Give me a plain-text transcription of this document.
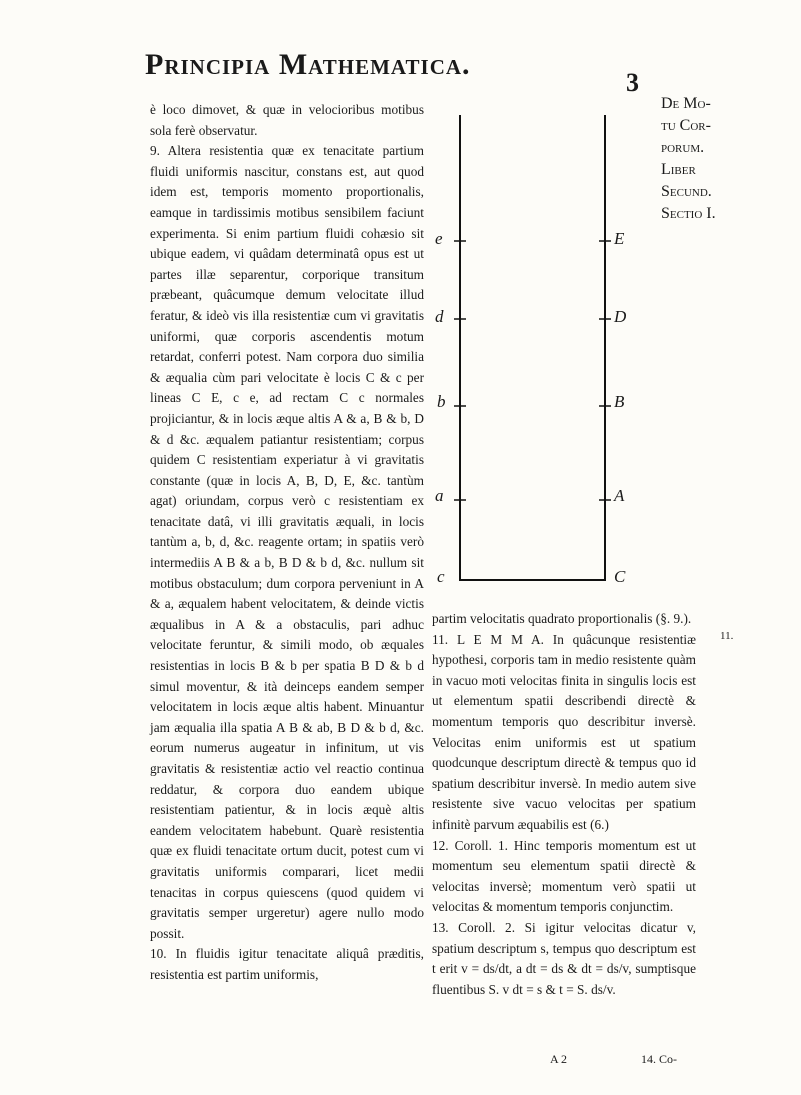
Principia Mathematica.
3
De Mo-
tu Cor-
porum.
Liber
Secund.
Sectio I.
e
d
b
a
c
E
D
B
A
C

è loco dimovet, & quæ in velocioribus motibus sola ferè observatur.

9. Altera resistentia quæ ex tenacitate partium fluidi uniformis nascitur, constans est, aut quod idem est, temporis momento proportionalis, eamque in tardissimis motibus sensibilem faciunt experimenta. Si enim partium fluidi cohæsio sit ubique eadem, vi quâdam determinatâ opus est ut partes illæ separentur, corporique transitum præbeant, quâcumque demum velocitate illud feratur, & ideò vis illa resistentiæ cum vi gravitatis uniformi, quæ corporis ascendentis motum retardat, conferri potest. Nam corpora duo similia & æqualia cùm pari velocitate è locis C & c per lineas C E, c e, ad rectam C c normales projiciantur, & in locis æque altis A & a, B & b, D & d &c. æqualem patiantur resistentiam; corpus quidem C resistentiam experiatur à vi gravitatis constante (quæ in locis A, B, D, E, &c. tantùm agat) oriundam, corpus verò c resistentiam ex tenacitate datâ, vi illi gravitatis æquali, in locis tantùm a, b, d, &c. reagente ortam; in spatiis verò intermediis A B & a b, B D & b d, &c. nullum sit motibus obstaculum; dum corpora perveniunt in A & a, æqualem habent velocitatem, & deinde victis æqualibus in A & a obstaculis, pari adhuc velocitate feruntur, & simili modo, ob æquales resistentias in locis B & b per spatia B D & b d simul moventur, & ità deinceps eandem semper velocitatem in locis æque altis habent. Minuantur jam æqualia illa spatia A B & ab, B D & b d, &c. eorum numerus augeatur in infinitum, ut vis gravitatis & resistentiæ actio vel reactio continua reddatur, & corpora duo eandem ubique resistentiam patientur, & in locis æquè altis eandem velocitatem habebunt. Quarè resistentia quæ ex fluidi tenacitate ortum ducit, potest cum vi gravitatis uniformis comparari, licet medii tenacitas in corpus quiescens (quod quidem vi gravitatis semper urgeretur) agere nullo modo possit.

10. In fluidis igitur tenacitate aliquâ præditis, resistentia est partim uniformis,

partim velocitatis quadrato proportionalis (§. 9.).

11. L E M M A. In quâcunque resistentiæ hypothesi, corporis tam in medio resistente quàm in vacuo moti velocitas finita in singulis locis est ut elementum spatii describendi directè & momentum temporis quo describitur inversè. Velocitas enim uniformis est ut spatium quodcunque descriptum directè & tempus quo id spatium describitur inversè. In medio autem sive resistente sive vacuo velocitas per spatium infinitè parvum æquabilis est (6.)

12. Coroll. 1. Hinc temporis momentum est ut momentum seu elementum spatii directè & velocitas inversè; momentum verò spatii ut velocitas & momentum temporis conjunctim.

13. Coroll. 2. Si igitur velocitas dicatur v, spatium descriptum s, tempus quo descriptum est t erit v = ds/dt, a dt = ds & dt = ds/v, sumptisque fluentibus S. v dt = s & t = S. ds/v.

11.
A 2	14. Co-
